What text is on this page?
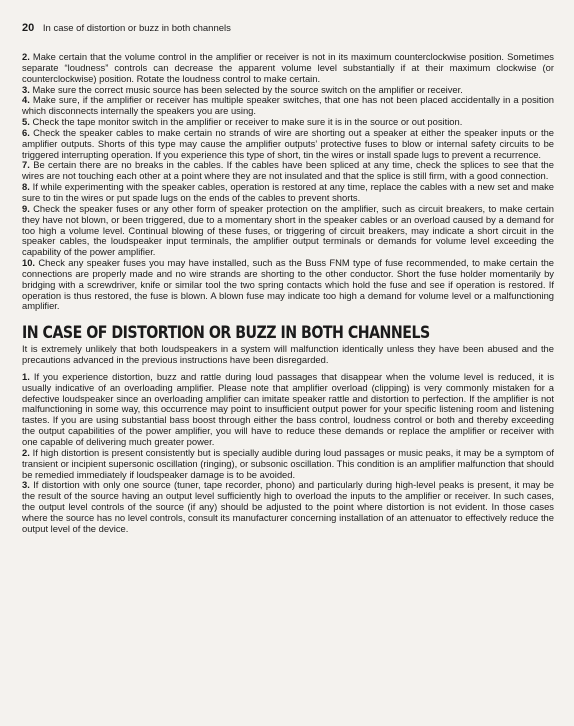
20 In case of distortion or buzz in both channels

2. Make certain that the volume control in the amplifier or receiver is not in its maximum counterclockwise position. Sometimes separate “loudness” controls can decrease the apparent volume level substantially if at their maximum clockwise (or counterclockwise) position. Rotate the loudness control to make certain.

3. Make sure the correct music source has been selected by the source switch on the amplifier or receiver.

4. Make sure, if the amplifier or receiver has multiple speaker switches, that one has not been placed accidentally in a position which disconnects internally the speakers you are using.

5. Check the tape monitor switch in the amplifier or receiver to make sure it is in the source or out position.

6. Check the speaker cables to make certain no strands of wire are shorting out a speaker at either the speaker inputs or the amplifier outputs. Shorts of this type may cause the amplifier outputs’ protective fuses to blow or internal safety circuits to be triggered interrupting operation. If you experience this type of short, tin the wires or install spade lugs to prevent a recurrence.

7. Be certain there are no breaks in the cables. If the cables have been spliced at any time, check the splices to see that the wires are not touching each other at a point where they are not insulated and that the splice is still firm, with a good connection.

8. If while experimenting with the speaker cables, operation is restored at any time, replace the cables with a new set and make sure to tin the wires or put spade lugs on the ends of the cables to prevent shorts.

9. Check the speaker fuses or any other form of speaker protection on the amplifier, such as circuit breakers, to make certain they have not blown, or been triggered, due to a momentary short in the speaker cables or an overload caused by a demand for too high a volume level. Continual blowing of these fuses, or triggering of circuit breakers, may indicate a short circuit in the speaker cables, the loudspeaker input terminals, the amplifier output terminals or demands for volume level exceeding the capability of the power amplifier.

10. Check any speaker fuses you may have installed, such as the Buss FNM type of fuse recommended, to make certain the connections are properly made and no wire strands are shorting to the other conductor. Short the fuse holder momentarily by bridging with a screwdriver, knife or similar tool the two spring contacts which hold the fuse and see if operation is restored. If operation is thus restored, the fuse is blown. A blown fuse may indicate too high a demand for volume level or a malfunctioning amplifier.

IN CASE OF DISTORTION OR BUZZ IN BOTH CHANNELS

It is extremely unlikely that both loudspeakers in a system will malfunction identically unless they have been abused and the precautions advanced in the previous instructions have been disregarded.

1. If you experience distortion, buzz and rattle during loud passages that disappear when the volume level is reduced, it is usually indicative of an overloading amplifier. Please note that amplifier overload (clipping) is very commonly mistaken for a defective loudspeaker since an overloading amplifier can imitate speaker rattle and distortion to perfection. If the amplifier is not malfunctioning in some way, this occurrence may point to insufficient output power for your specific listening room and listening tastes. If you are using substantial bass boost through either the bass control, loudness control or both and thereby exceeding the output capabilities of the power amplifier, you will have to reduce these demands or replace the amplifier or receiver with one capable of delivering much greater power.

2. If high distortion is present consistently but is specially audible during loud passages or music peaks, it may be a symptom of transient or incipient supersonic oscillation (ringing), or subsonic oscillation. This condition is an amplifier malfunction that should be remedied immediately if loudspeaker damage is to be avoided.

3. If distortion with only one source (tuner, tape recorder, phono) and particularly during high-level peaks is present, it may be the result of the source having an output level sufficiently high to overload the inputs to the amplifier or receiver. In such cases, the output level controls of the source (if any) should be adjusted to the point where distortion is not evident. In those cases where the source has no level controls, consult its manufacturer concerning installation of an attenuator to effectively reduce the output level of the device.
